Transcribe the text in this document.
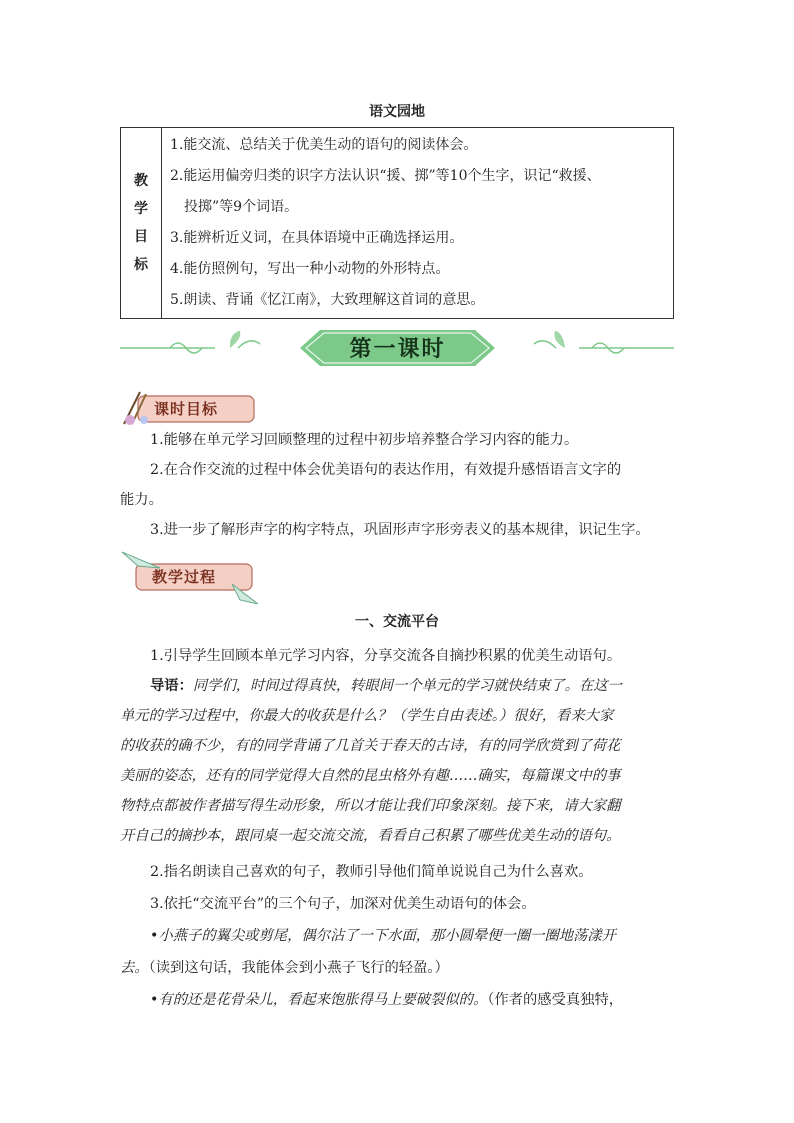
语文园地
教
学
目
标

1.能交流、总结关于优美生动的语句的阅读体会。
2.能运用偏旁归类的识字方法认识“援、掷”等10个生字，识记“救援、
投掷”等9个词语。
3.能辨析近义词，在具体语境中正确选择运用。
4.能仿照例句，写出一种小动物的外形特点。
5.朗读、背诵《忆江南》，大致理解这首词的意思。
第一课时
课时目标
1.能够在单元学习回顾整理的过程中初步培养整合学习内容的能力。
2.在合作交流的过程中体会优美语句的表达作用，有效提升感悟语言文字的
能力。
3.进一步了解形声字的构字特点，巩固形声字形旁表义的基本规律，识记生字。
教学过程
一、交流平台
1.引导学生回顾本单元学习内容，分享交流各自摘抄积累的优美生动语句。
导语：同学们，时间过得真快，转眼间一个单元的学习就快结束了。在这一
单元的学习过程中，你最大的收获是什么？（学生自由表述。）很好，看来大家
的收获的确不少，有的同学背诵了几首关于春天的古诗，有的同学欣赏到了荷花
美丽的姿态，还有的同学觉得大自然的昆虫格外有趣……确实，每篇课文中的事
物特点都被作者描写得生动形象，所以才能让我们印象深刻。接下来，请大家翻
开自己的摘抄本，跟同桌一起交流交流，看看自己积累了哪些优美生动的语句。
2.指名朗读自己喜欢的句子，教师引导他们简单说说自己为什么喜欢。
3.依托“交流平台”的三个句子，加深对优美生动语句的体会。
•小燕子的翼尖或剪尾，偶尔沾了一下水面，那小圆晕便一圈一圈地荡漾开
去。（读到这句话，我能体会到小燕子飞行的轻盈。）
•有的还是花骨朵儿，看起来饱胀得马上要破裂似的。（作者的感受真独特，
